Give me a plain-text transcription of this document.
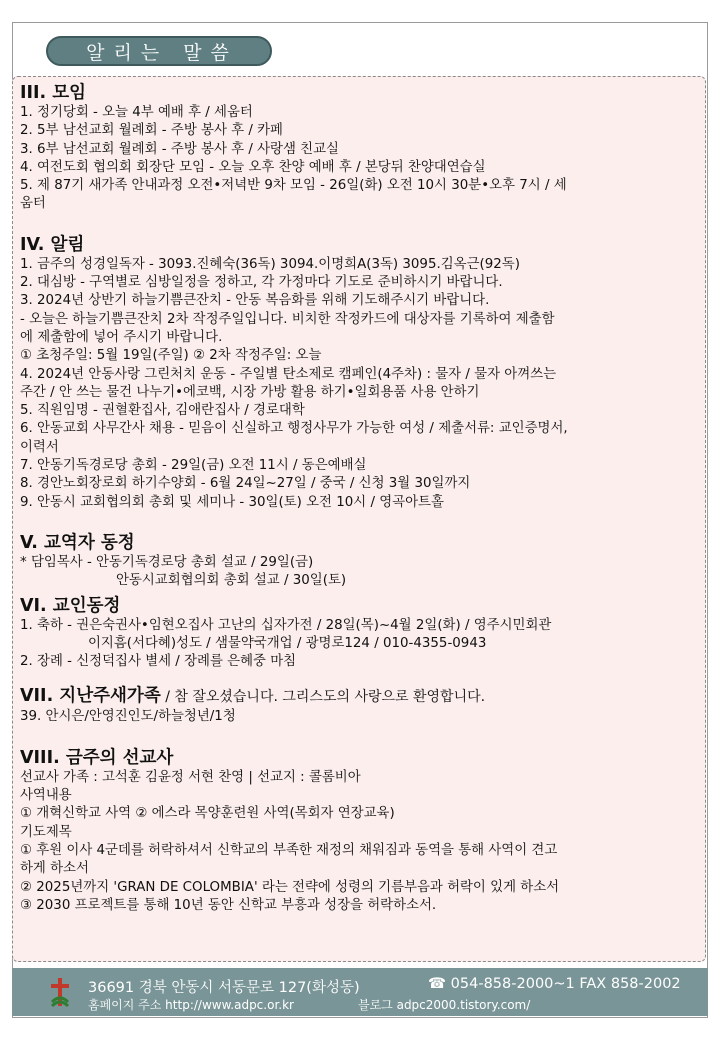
알리는 말씀
III. 모임
1. 정기당회 - 오늘 4부 예배 후 / 세움터
2. 5부 남선교회 월례회 - 주방 봉사 후 / 카페
3. 6부 남선교회 월례회 - 주방 봉사 후 / 사랑샘 친교실
4. 여전도회 협의회 회장단 모임 - 오늘 오후 찬양 예배 후 / 본당뒤 찬양대연습실
5. 제 87기 새가족 안내과정 오전•저녁반 9차 모임 - 26일(화) 오전 10시 30분•오후 7시 / 세
움터
IV. 알림
1. 금주의 성경일독자 - 3093.진혜숙(36독) 3094.이명희A(3독) 3095.김옥근(92독)
2. 대심방 - 구역별로 심방일정을 정하고, 각 가정마다 기도로 준비하시기 바랍니다.
3. 2024년 상반기 하늘기쁨큰잔치 - 안동 복음화를 위해 기도해주시기 바랍니다.
- 오늘은 하늘기쁨큰잔치 2차 작정주일입니다. 비치한 작정카드에 대상자를 기록하여 제출함
에 제출함에 넣어 주시기 바랍니다.
① 초청주일: 5월 19일(주일) ② 2차 작정주일: 오늘
4. 2024년 안동사랑 그린처치 운동 - 주일별 탄소제로 캠페인(4주차) : 물자 / 물자 아껴쓰는
주간 / 안 쓰는 물건 나누기•에코백, 시장 가방 활용 하기•일회용품 사용 안하기
5. 직원임명 - 권혈환집사, 김애란집사 / 경로대학
6. 안동교회 사무간사 채용 - 믿음이 신실하고 행정사무가 가능한 여성 / 제출서류: 교인증명서,
이력서
7. 안동기독경로당 총회 - 29일(금) 오전 11시 / 동은예배실
8. 경안노회장로회 하기수양회 - 6월 24일~27일 / 중국 / 신청 3월 30일까지
9. 안동시 교회협의회 총회 및 세미나 - 30일(토) 오전 10시 / 영곡아트홀
V. 교역자 동정
* 담임목사 - 안동기독경로당 총회 설교 / 29일(금)
안동시교회협의회 총회 설교 / 30일(토)
VI. 교인동정
1. 축하 - 권은숙권사•임현오집사 고난의 십자가전 / 28일(목)~4월 2일(화) / 영주시민회관
이지흠(서다혜)성도 / 샘물약국개업 / 광명로124 / 010-4355-0943
2. 장례 - 신정덕집사 별세 / 장례를 은혜중 마침
VII. 지난주새가족 / 참 잘오셨습니다. 그리스도의 사랑으로 환영합니다.
39. 안시은/안영진인도/하늘청년/1청
VIII. 금주의 선교사
선교사 가족 : 고석훈 김윤정 서현 찬영 | 선교지 : 콜롬비아
사역내용
① 개혁신학교 사역 ② 에스라 목양훈련원 사역(목회자 연장교육)
기도제목
① 후원 이사 4군데를 허락하셔서 신학교의 부족한 재정의 채워짐과 동역을 통해 사역이 견고
하게 하소서
② 2025년까지 'GRAN DE COLOMBIA' 라는 전략에 성령의 기름부음과 허락이 있게 하소서
③ 2030 프로젝트를 통해 10년 동안 신학교 부흥과 성장을 허락하소서.
36691 경북 안동시 서동문로 127(화성동)	☎ 054-858-2000~1 FAX 858-2002
홈페이지 주소 http://www.adpc.or.kr	블로그 adpc2000.tistory.com/
